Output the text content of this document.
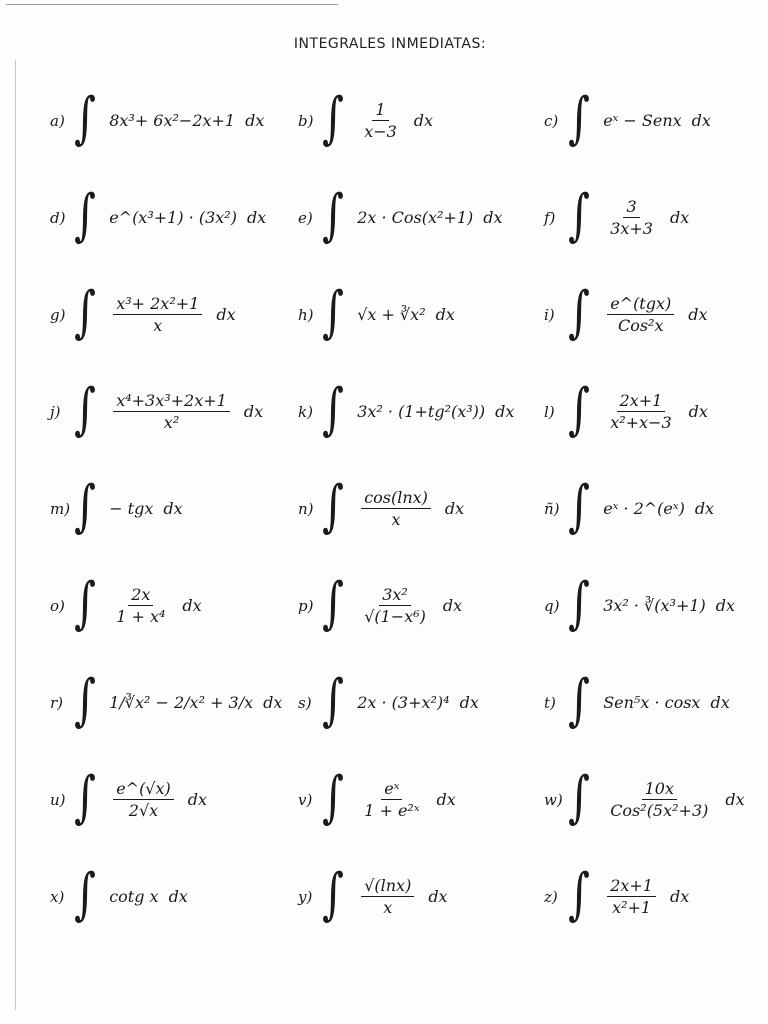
INTEGRALES INMEDIATAS:
a) ∫ 8x³+ 6x²−2x+1 dx b) ∫ $\frac{1}{x-3}$ dx	c) ∫ eˣ − Senx dx
d) ∫ e^(x³+1) · (3x²) dx e) ∫ 2x · Cos(x²+1) dx	f) ∫ $\frac{3}{3x+3}$ dx
g) ∫ $\frac{\text{x³+ 2x²+1}}{x}$ dx	h) ∫ √x + ∛x² dx	i) ∫ $\frac{\text{e\textasciicircum{}(tgx)}}{\text{Cos²x}}$ dx
j) ∫ $\frac{\text{x⁴+3x³+2x+1}}{\text{x²}}$ dx k) ∫ 3x² · (1+tg²(x³)) dx l) ∫ $\frac{2x+1}{\text{x²+x−3}}$ dx
m) ∫ − tgx dx	n) ∫ $\frac{\cos(\ln x)}{x}$ dx	ñ) ∫ eˣ · 2^(eˣ) dx
o) ∫ $\frac{2x}{\text{1 + x⁴}}$ dx	p) ∫ $\frac{\text{3x²}}{\text{√(1−x⁶)}}$ dx	q) ∫ 3x² · ∛(x³+1) dx
r) ∫ 1/∛x² − 2/x² + 3/x dx s) ∫ 2x · (3+x²)⁴ dx	t) ∫ Sen⁵x · cosx dx
u) ∫ $\frac{e\^{}(√x)}{2√x}$ dx	v) ∫ $\frac{\text{eˣ}}{\text{1 + e²ˣ}}$ dx	w) ∫ $\frac{10x}{\text{Cos²(5x²+3)}}$ dx
x) ∫ cotg x dx	y) ∫ $\frac{√(\ln x)}{x}$ dx	z) ∫ $\frac{2x+1}{\text{x²+1}}$ dx
